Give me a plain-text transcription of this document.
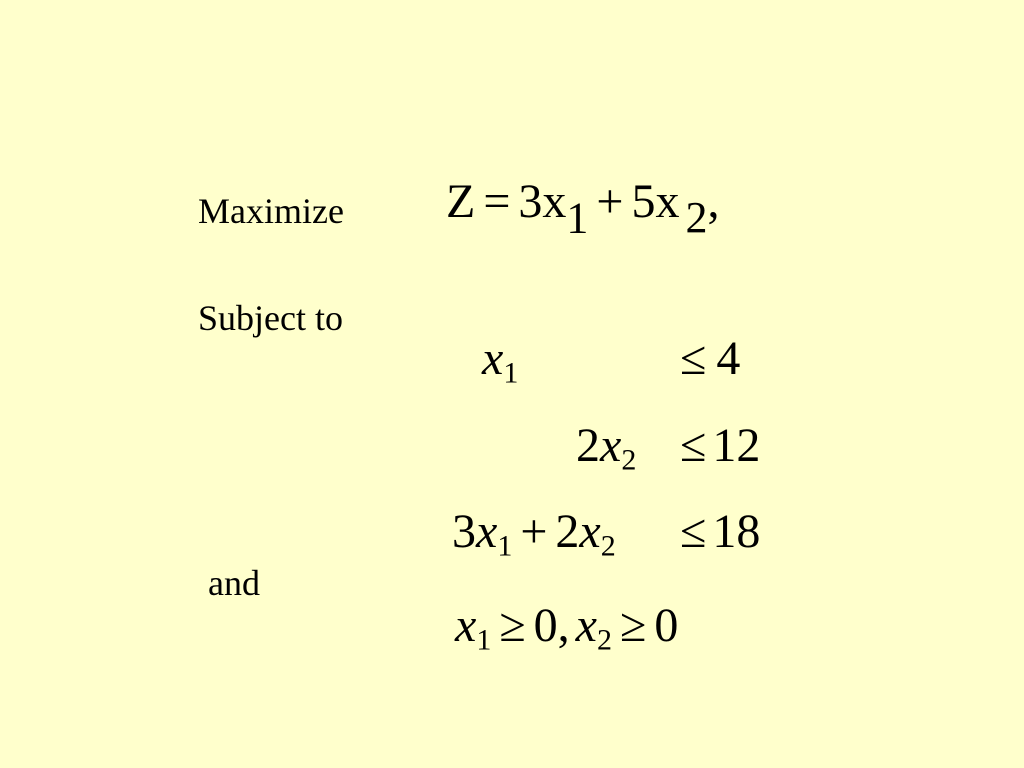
Maximize Z = 3x1 + 5x 2,
Subject to
$x_1$	≤ 4
$2x_2 \le 12$
$3x_1 + 2x_2 \le 18$
and
$x_1 \ge 0$, $x_2 \ge 0$
